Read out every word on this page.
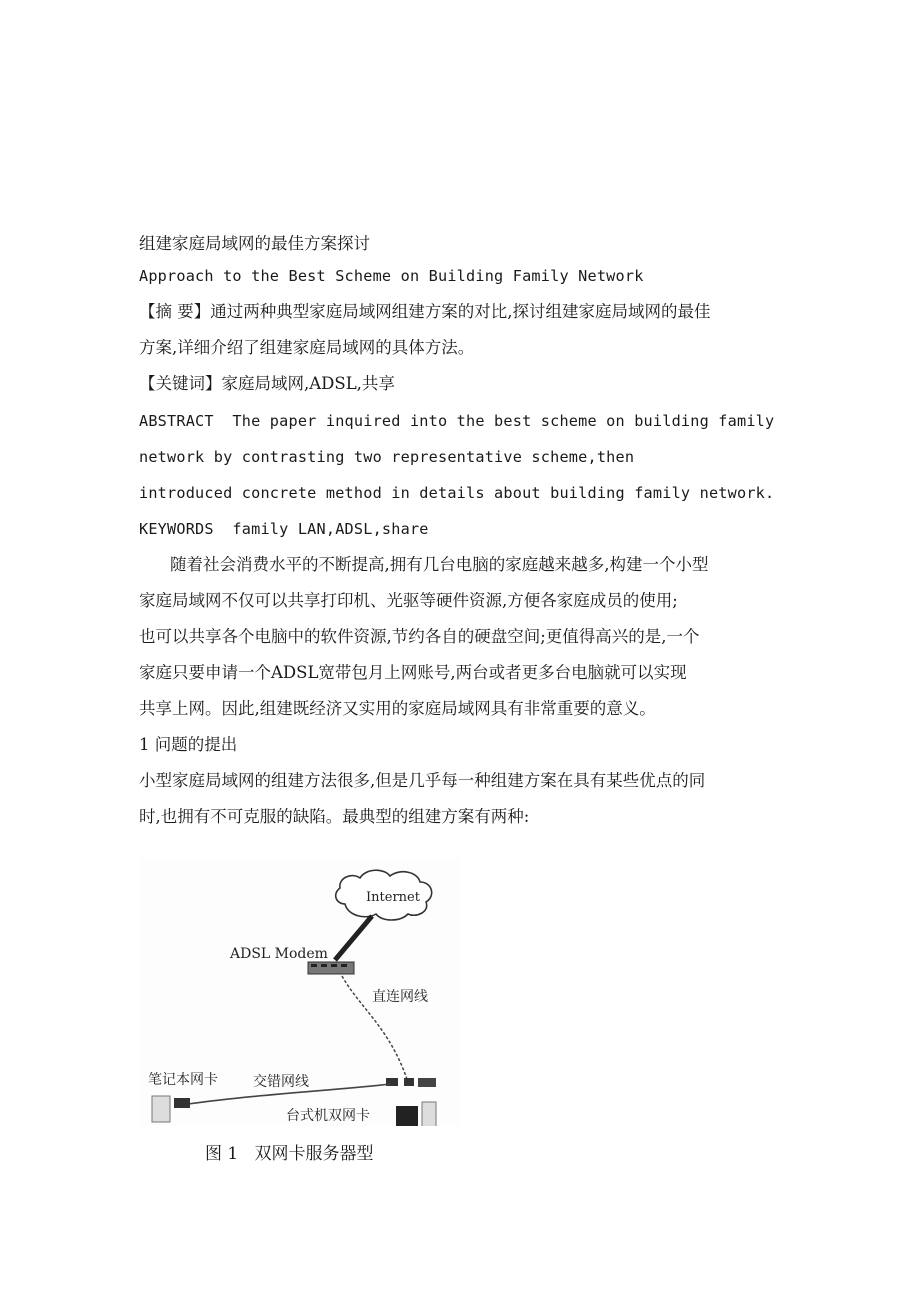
组建家庭局域网的最佳方案探讨
Approach to the Best Scheme on Building Family Network
【摘 要】通过两种典型家庭局域网组建方案的对比,探讨组建家庭局域网的最佳
方案,详细介绍了组建家庭局域网的具体方法。
【关键词】家庭局域网,ADSL,共享
ABSTRACT  The paper inquired into the best scheme on building family
network by contrasting two representative scheme,then
introduced concrete method in details about building family network.
KEYWORDS  family LAN,ADSL,share
随着社会消费水平的不断提高,拥有几台电脑的家庭越来越多,构建一个小型
家庭局域网不仅可以共享打印机、光驱等硬件资源,方便各家庭成员的使用;
也可以共享各个电脑中的软件资源,节约各自的硬盘空间;更值得高兴的是,一个
家庭只要申请一个ADSL宽带包月上网账号,两台或者更多台电脑就可以实现
共享上网。因此,组建既经济又实用的家庭局域网具有非常重要的意义。
1 问题的提出
小型家庭局域网的组建方法很多,但是几乎每一种组建方案在具有某些优点的同
时,也拥有不可克服的缺陷。最典型的组建方案有两种:
Internet
ADSL Modem
直连网线
台式机双网卡
交错网线
笔记本网卡
图 1 双网卡服务器型
